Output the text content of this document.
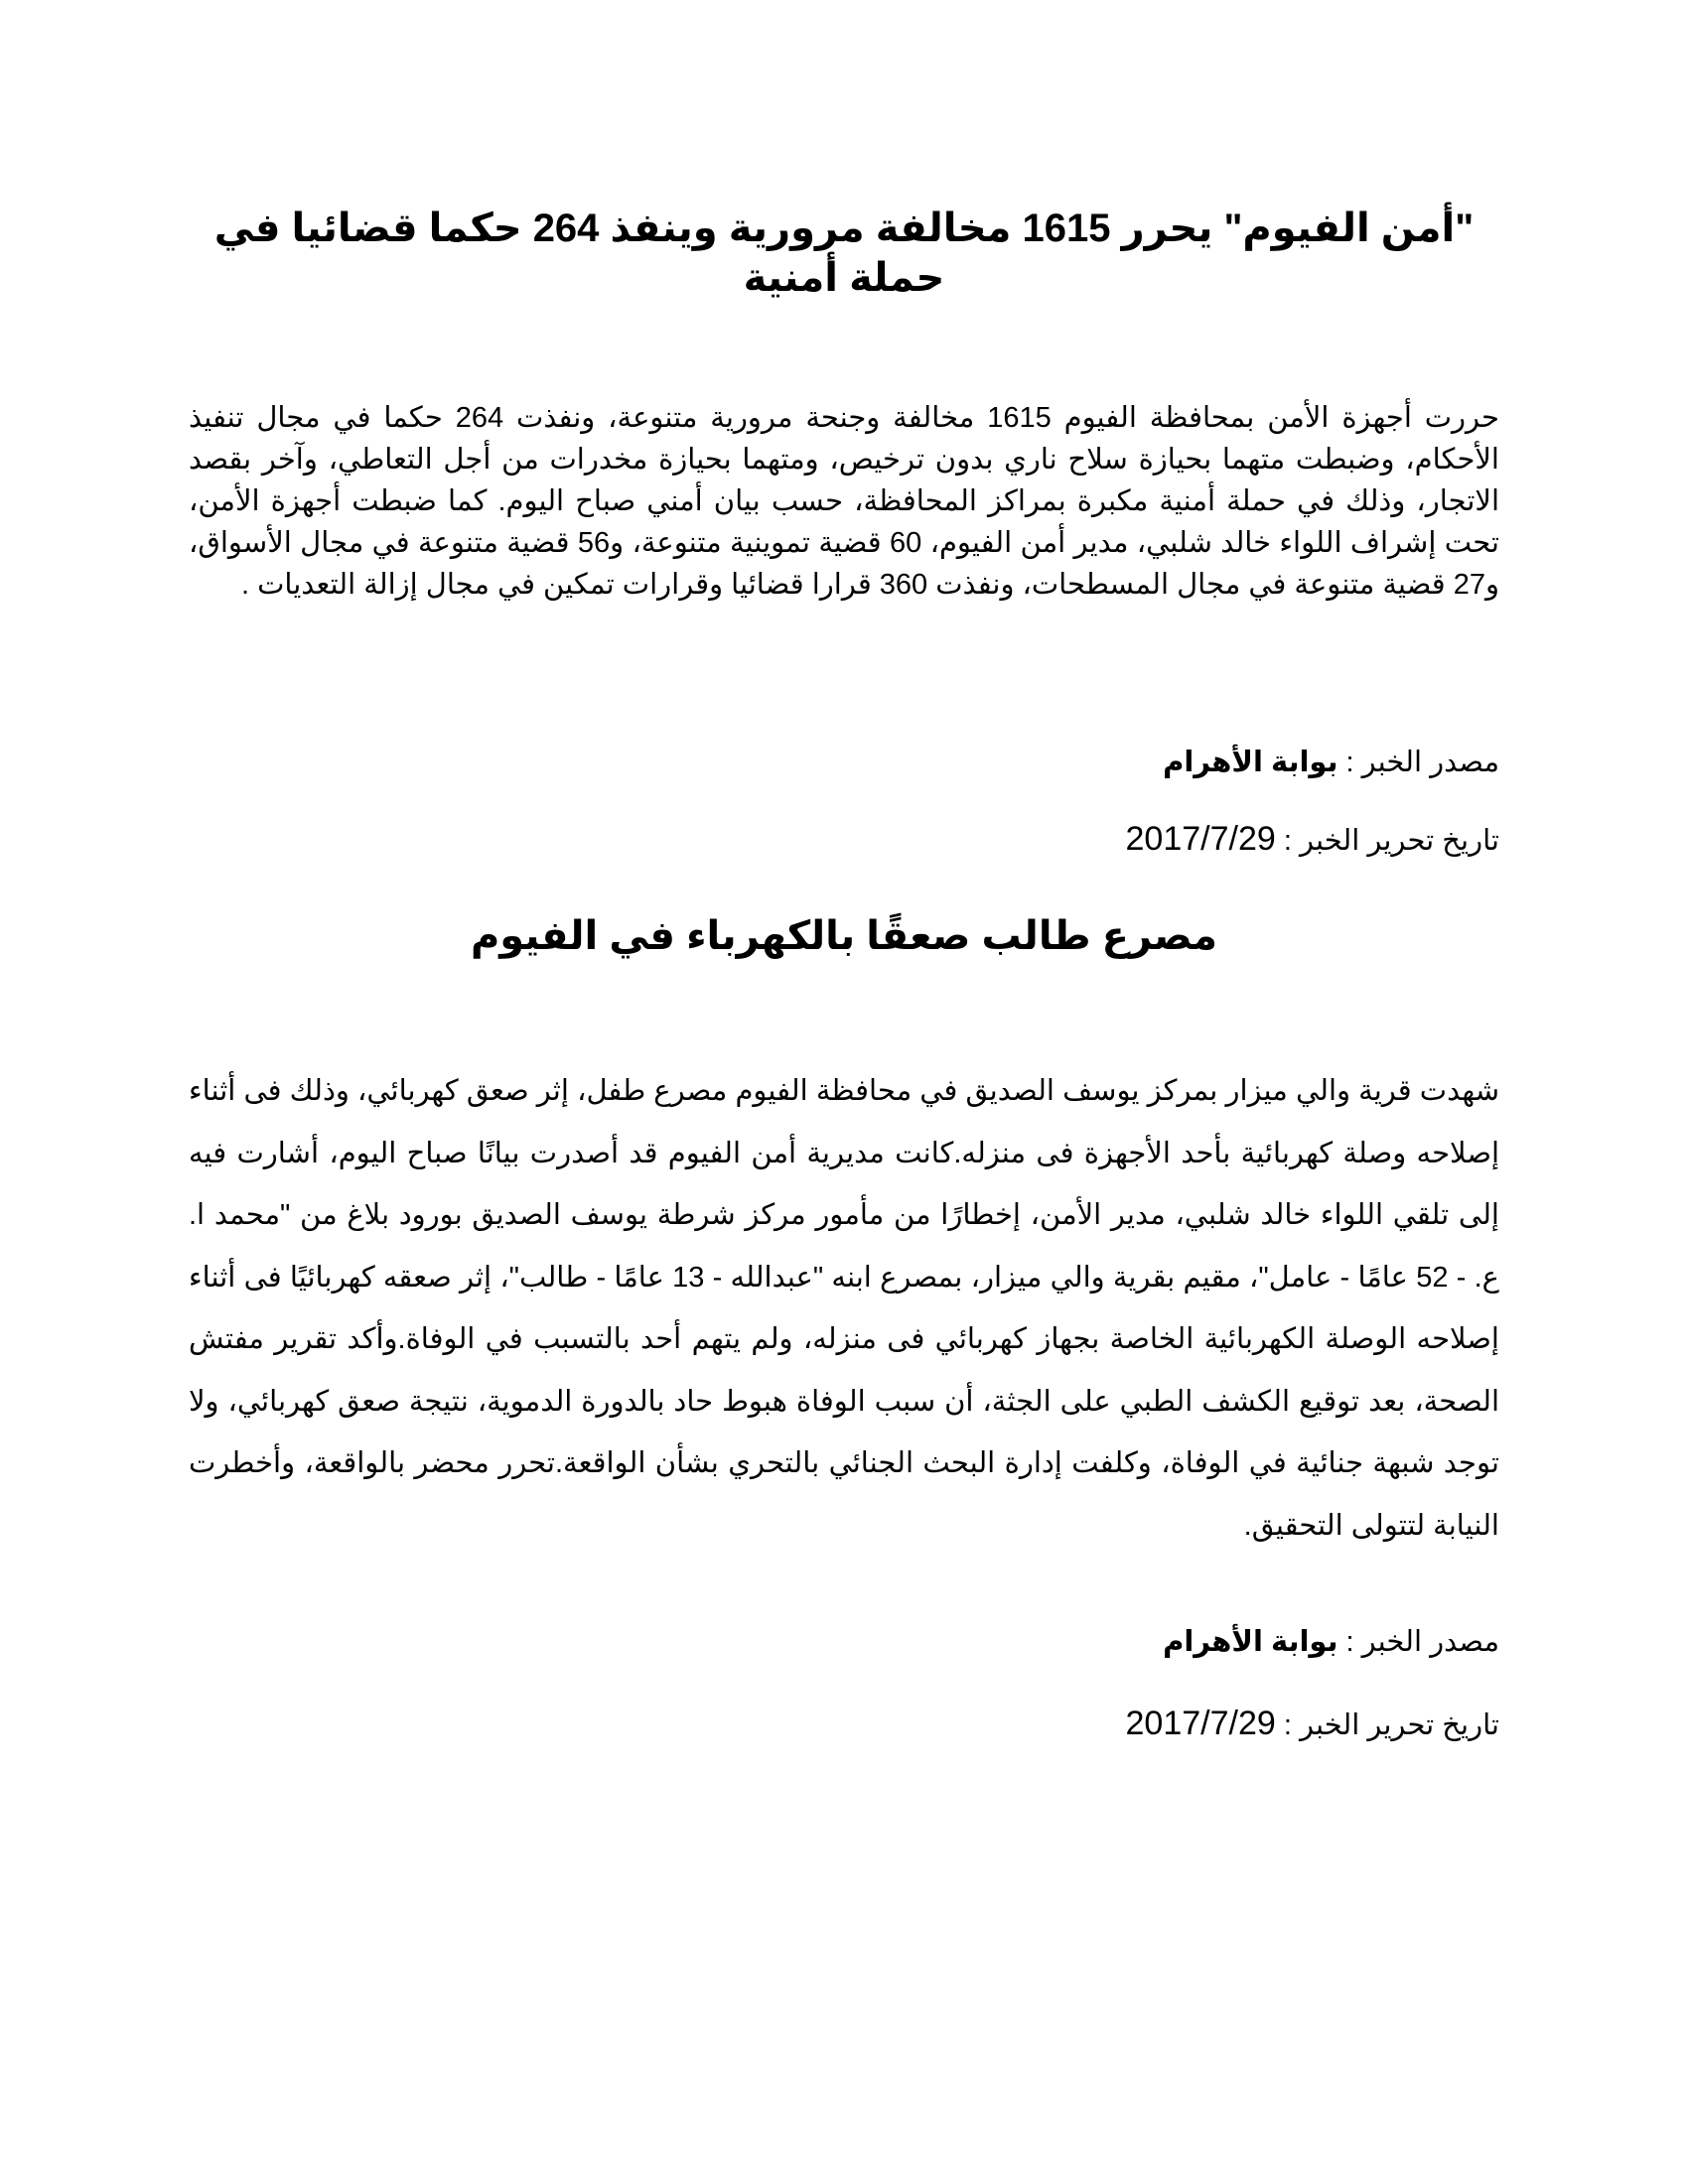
"أمن الفيوم" يحرر 1615 مخالفة مرورية وينفذ 264 حكما قضائيا في حملة أمنية

حررت أجهزة الأمن بمحافظة الفيوم 1615 مخالفة وجنحة مرورية متنوعة، ونفذت 264 حكما في مجال تنفيذ الأحكام، وضبطت متهما بحيازة سلاح ناري بدون ترخيص، ومتهما بحيازة مخدرات من أجل التعاطي، وآخر بقصد الاتجار، وذلك في حملة أمنية مكبرة بمراكز المحافظة، حسب بيان أمني صباح اليوم. كما ضبطت أجهزة الأمن، تحت إشراف اللواء خالد شلبي، مدير أمن الفيوم، 60 قضية تموينية متنوعة، و56 قضية متنوعة في مجال الأسواق، و27 قضية متنوعة في مجال المسطحات، ونفذت 360 قرارا قضائيا وقرارات تمكين في مجال إزالة التعديات .

مصدر الخبر : بوابة الأهرام

تاريخ تحرير الخبر : 2017/7/29

مصرع طالب صعقًا بالكهرباء في الفيوم

شهدت قرية والي ميزار بمركز يوسف الصديق في محافظة الفيوم مصرع طفل، إثر صعق كهربائي، وذلك فى أثناء إصلاحه وصلة كهربائية بأحد الأجهزة فى منزله.كانت مديرية أمن الفيوم قد أصدرت بيانًا صباح اليوم، أشارت فيه إلى تلقي اللواء خالد شلبي، مدير الأمن، إخطارًا من مأمور مركز شرطة يوسف الصديق بورود بلاغ من "محمد ا. ع. - 52 عامًا - عامل"، مقيم بقرية والي ميزار، بمصرع ابنه "عبدالله - 13 عامًا - طالب"، إثر صعقه كهربائيًا فى أثناء إصلاحه الوصلة الكهربائية الخاصة بجهاز كهربائي فى منزله، ولم يتهم أحد بالتسبب في الوفاة.وأكد تقرير مفتش الصحة، بعد توقيع الكشف الطبي على الجثة، أن سبب الوفاة هبوط حاد بالدورة الدموية، نتيجة صعق كهربائي، ولا توجد شبهة جنائية في الوفاة، وكلفت إدارة البحث الجنائي بالتحري بشأن الواقعة.تحرر محضر بالواقعة، وأخطرت النيابة لتتولى التحقيق.

مصدر الخبر : بوابة الأهرام

تاريخ تحرير الخبر : 2017/7/29
